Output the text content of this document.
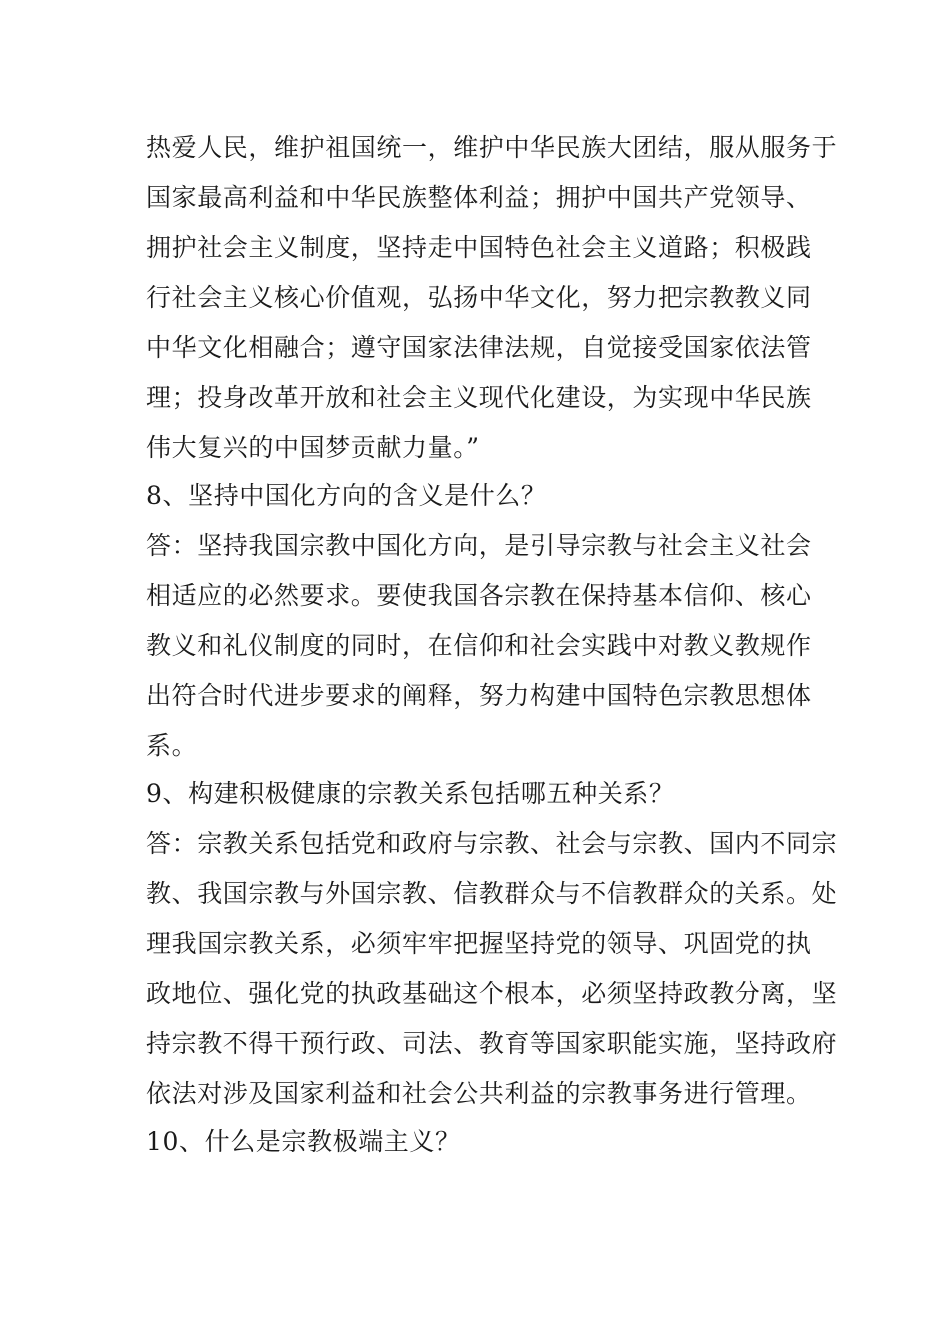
热爱人民，维护祖国统一，维护中华民族大团结，服从服务于
国家最高利益和中华民族整体利益；拥护中国共产党领导、
拥护社会主义制度，坚持走中国特色社会主义道路；积极践
行社会主义核心价值观，弘扬中华文化，努力把宗教教义同
中华文化相融合；遵守国家法律法规，自觉接受国家依法管
理；投身改革开放和社会主义现代化建设，为实现中华民族
伟大复兴的中国梦贡献力量。”
8、坚持中国化方向的含义是什么？
答：坚持我国宗教中国化方向，是引导宗教与社会主义社会
相适应的必然要求。要使我国各宗教在保持基本信仰、核心
教义和礼仪制度的同时，在信仰和社会实践中对教义教规作
出符合时代进步要求的阐释，努力构建中国特色宗教思想体
系。
9、构建积极健康的宗教关系包括哪五种关系？
答：宗教关系包括党和政府与宗教、社会与宗教、国内不同宗
教、我国宗教与外国宗教、信教群众与不信教群众的关系。处
理我国宗教关系，必须牢牢把握坚持党的领导、巩固党的执
政地位、强化党的执政基础这个根本，必须坚持政教分离，坚
持宗教不得干预行政、司法、教育等国家职能实施，坚持政府
依法对涉及国家利益和社会公共利益的宗教事务进行管理。
10、什么是宗教极端主义？
